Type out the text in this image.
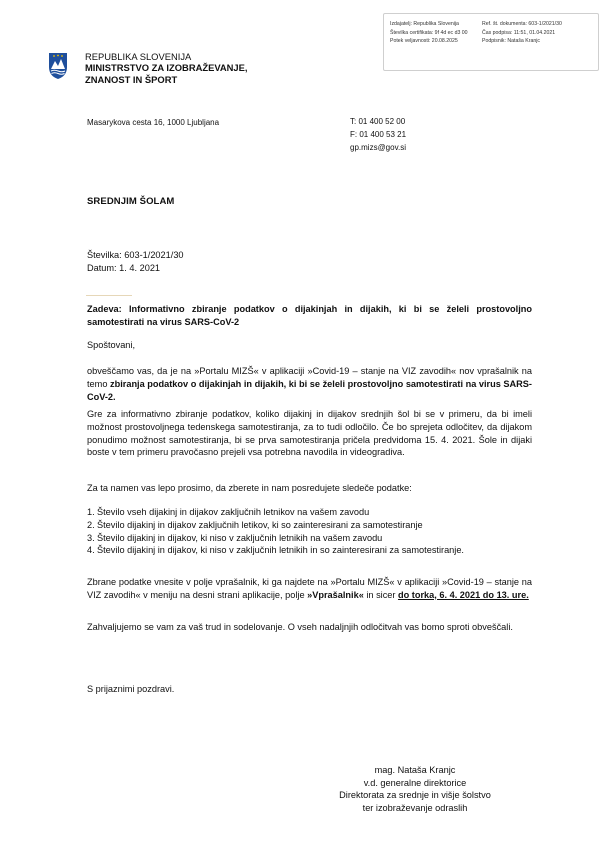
Izdajatelj: Republika Slovenija	Ref. št. dokumenta: 603-1/2021/30
Številka certifikata: 9f 4d ec d3 00	Čas podpisa: 11:51, 01.04.2021
Potek veljavnosti: 20.08.2025	Podpisnik: Nataša Kranjc
REPUBLIKA SLOVENIJA
MINISTRSTVO ZA IZOBRAŽEVANJE,
ZNANOST IN ŠPORT
Masarykova cesta 16, 1000 Ljubljana	T: 01 400 52 00
F: 01 400 53 21
gp.mizs@gov.si
SREDNJIM ŠOLAM
Številka: 603-1/2021/30
Datum: 1. 4. 2021
Zadeva: Informativno zbiranje podatkov o dijakinjah in dijakih, ki bi se želeli prostovoljno samotestirati na virus SARS-CoV-2
Spoštovani,
obveščamo vas, da je na »Portalu MIZŠ« v aplikaciji »Covid-19 – stanje na VIZ zavodih« nov vprašalnik na temo zbiranja podatkov o dijakinjah in dijakih, ki bi se želeli prostovoljno samotestirati na virus SARS-CoV-2.
Gre za informativno zbiranje podatkov, koliko dijakinj in dijakov srednjih šol bi se v primeru, da bi imeli možnost prostovoljnega tedenskega samotestiranja, za to tudi odločilo. Če bo sprejeta odločitev, da dijakom ponudimo možnost samotestiranja, bi se prva samotestiranja pričela predvidoma 15. 4. 2021. Šole in dijaki boste v tem primeru pravočasno prejeli vsa potrebna navodila in videogradiva.
Za ta namen vas lepo prosimo, da zberete in nam posredujete sledeče podatke:
1. Število vseh dijakinj in dijakov zaključnih letnikov na vašem zavodu
2. Število dijakinj in dijakov zaključnih letikov, ki so zainteresirani za samotestiranje
3. Število dijakinj in dijakov, ki niso v zaključnih letnikih na vašem zavodu
4. Število dijakinj in dijakov, ki niso v zaključnih letnikih in so zainteresirani za samotestiranje.
Zbrane podatke vnesite v polje vprašalnik, ki ga najdete na »Portalu MIZŠ« v aplikaciji »Covid-19 – stanje na VIZ zavodih« v meniju na desni strani aplikacije, polje »Vprašalnik« in sicer do torka, 6. 4. 2021 do 13. ure.
Zahvaljujemo se vam za vaš trud in sodelovanje. O vseh nadaljnjih odločitvah vas bomo sproti obveščali.
S prijaznimi pozdravi.
mag. Nataša Kranjc
v.d. generalne direktorice
Direktorata za srednje in višje šolstvo
ter izobraževanje odraslih
